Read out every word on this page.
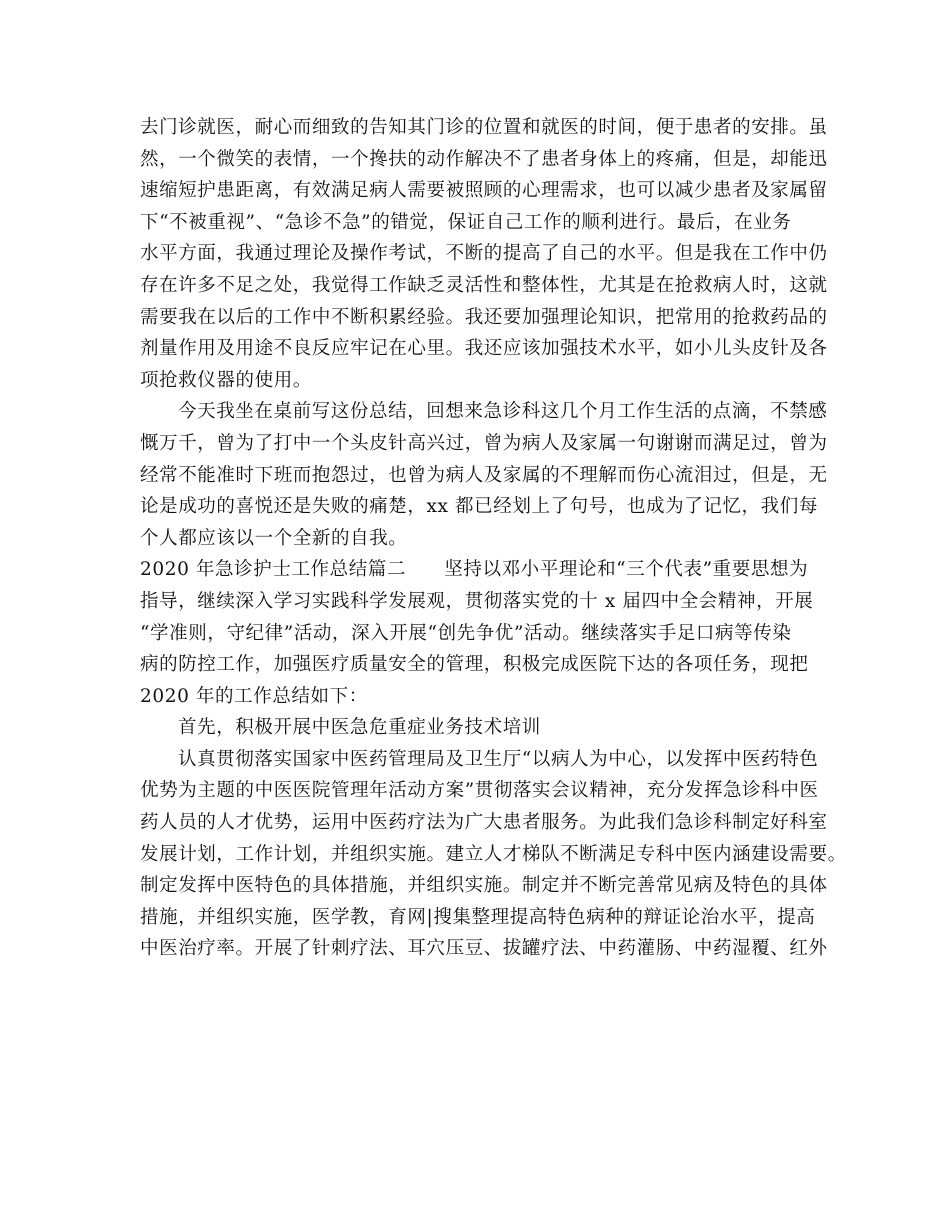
去门诊就医，耐心而细致的告知其门诊的位置和就医的时间，便于患者的安排。虽
然，一个微笑的表情，一个搀扶的动作解决不了患者身体上的疼痛，但是，却能迅
速缩短护患距离，有效满足病人需要被照顾的心理需求，也可以减少患者及家属留
下“不被重视”、“急诊不急”的错觉，保证自己工作的顺利进行。最后，在业务
水平方面，我通过理论及操作考试，不断的提高了自己的水平。但是我在工作中仍
存在许多不足之处，我觉得工作缺乏灵活性和整体性，尤其是在抢救病人时，这就
需要我在以后的工作中不断积累经验。我还要加强理论知识，把常用的抢救药品的
剂量作用及用途不良反应牢记在心里。我还应该加强技术水平，如小儿头皮针及各
项抢救仪器的使用。
今天我坐在桌前写这份总结，回想来急诊科这几个月工作生活的点滴，不禁感
慨万千，曾为了打中一个头皮针高兴过，曾为病人及家属一句谢谢而满足过，曾为
经常不能准时下班而抱怨过，也曾为病人及家属的不理解而伤心流泪过，但是，无
论是成功的喜悦还是失败的痛楚，xx 都已经划上了句号，也成为了记忆，我们每
个人都应该以一个全新的自我。
2020 年急诊护士工作总结篇二　　坚持以邓小平理论和“三个代表”重要思想为
指导，继续深入学习实践科学发展观，贯彻落实党的十 x 届四中全会精神，开展
“学准则，守纪律”活动，深入开展“创先争优”活动。继续落实手足口病等传染
病的防控工作，加强医疗质量安全的管理，积极完成医院下达的各项任务，现把
2020 年的工作总结如下：
首先，积极开展中医急危重症业务技术培训
认真贯彻落实国家中医药管理局及卫生厅“以病人为中心，以发挥中医药特色
优势为主题的中医医院管理年活动方案”贯彻落实会议精神，充分发挥急诊科中医
药人员的人才优势，运用中医药疗法为广大患者服务。为此我们急诊科制定好科室
发展计划，工作计划，并组织实施。建立人才梯队不断满足专科中医内涵建设需要。
制定发挥中医特色的具体措施，并组织实施。制定并不断完善常见病及特色的具体
措施，并组织实施，医学教，育网|搜集整理提高特色病种的辩证论治水平，提高
中医治疗率。开展了针刺疗法、耳穴压豆、拔罐疗法、中药灌肠、中药湿覆、红外
